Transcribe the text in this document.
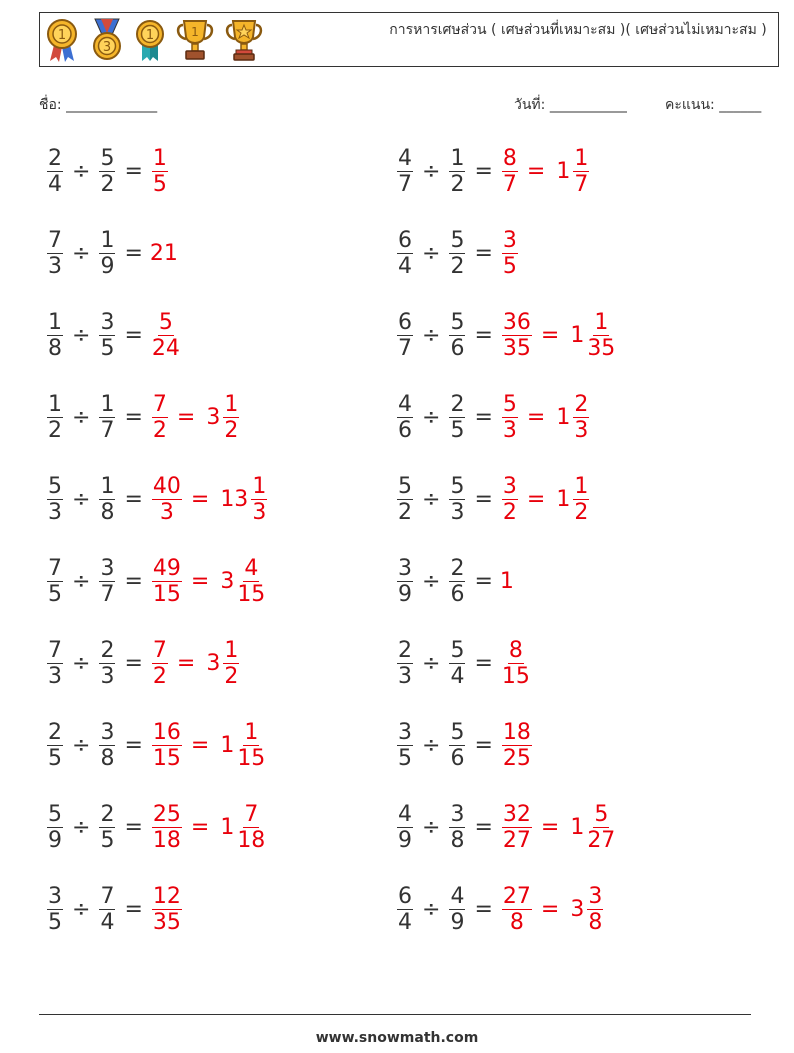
1
3
1	1	การหารเศษส่วน ( เศษส่วนที่เหมาะสม )( เศษส่วนไม่เหมาะสม )
ชื่อ: _____________	วันที่: ___________	คะแนน: ______
$\frac{2}{4} \div \frac{5}{2} = \frac{1}{5}$	$\frac{4}{7} \div \frac{1}{2} = \frac{8}{7} = 1 \frac{1}{7}$
$\frac{7}{3} \div \frac{1}{9} = 21$	$\frac{6}{4} \div \frac{5}{2} = \frac{3}{5}$
$\frac{1}{8} \div \frac{3}{5} = \frac{5}{24}$	$\frac{6}{7} \div \frac{5}{6} = \frac{36}{35} = 1 \frac{1}{35}$
$\frac{1}{2} \div \frac{1}{7} = \frac{7}{2} = 3 \frac{1}{2}$	$\frac{4}{6} \div \frac{2}{5} = \frac{5}{3} = 1 \frac{2}{3}$
$\frac{5}{3} \div \frac{1}{8} = \frac{40}{3} = 13 \frac{1}{3}$	$\frac{5}{2} \div \frac{5}{3} = \frac{3}{2} = 1 \frac{1}{2}$
$\frac{7}{5} \div \frac{3}{7} = \frac{49}{15} = 3 \frac{4}{15}$	$\frac{3}{9} \div \frac{2}{6} = 1$
$\frac{7}{3} \div \frac{2}{3} = \frac{7}{2} = 3 \frac{1}{2}$	$\frac{2}{3} \div \frac{5}{4} = \frac{8}{15}$
$\frac{2}{5} \div \frac{3}{8} = \frac{16}{15} = 1 \frac{1}{15}$	$\frac{3}{5} \div \frac{5}{6} = \frac{18}{25}$
$\frac{5}{9} \div \frac{2}{5} = \frac{25}{18} = 1 \frac{7}{18}$	$\frac{4}{9} \div \frac{3}{8} = \frac{32}{27} = 1 \frac{5}{27}$
$\frac{3}{5} \div \frac{7}{4} = \frac{12}{35}$	$\frac{6}{4} \div \frac{4}{9} = \frac{27}{8} = 3 \frac{3}{8}$
www.snowmath.com
